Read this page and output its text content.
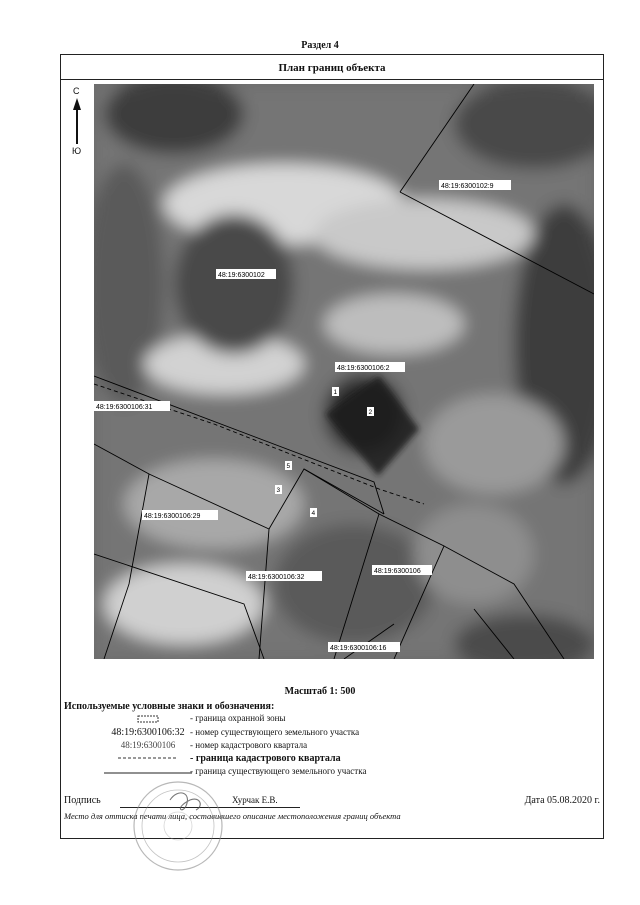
Раздел 4
План границ объекта
С
Ю
48:19:6300102:9
48:19:6300102
48:19:6300106:2
48:19:6300106:31
48:19:6300106:29
48:19:6300106:32
48:19:6300106
48:19:6300106:16
1
2
3
4
5
Масштаб 1: 500
Используемые условные знаки и обозначения:
- граница охранной зоны
48:19:6300106:32 - номер существующего земельного участка
48:19:6300106	- номер кадастрового квартала
- граница кадастрового квартала
- граница существующего земельного участка
Подпись	Хурчак Е.В.	Дата 05.08.2020 г.
Место для оттиска печати лица, составившего описание местоположения границ объекта
